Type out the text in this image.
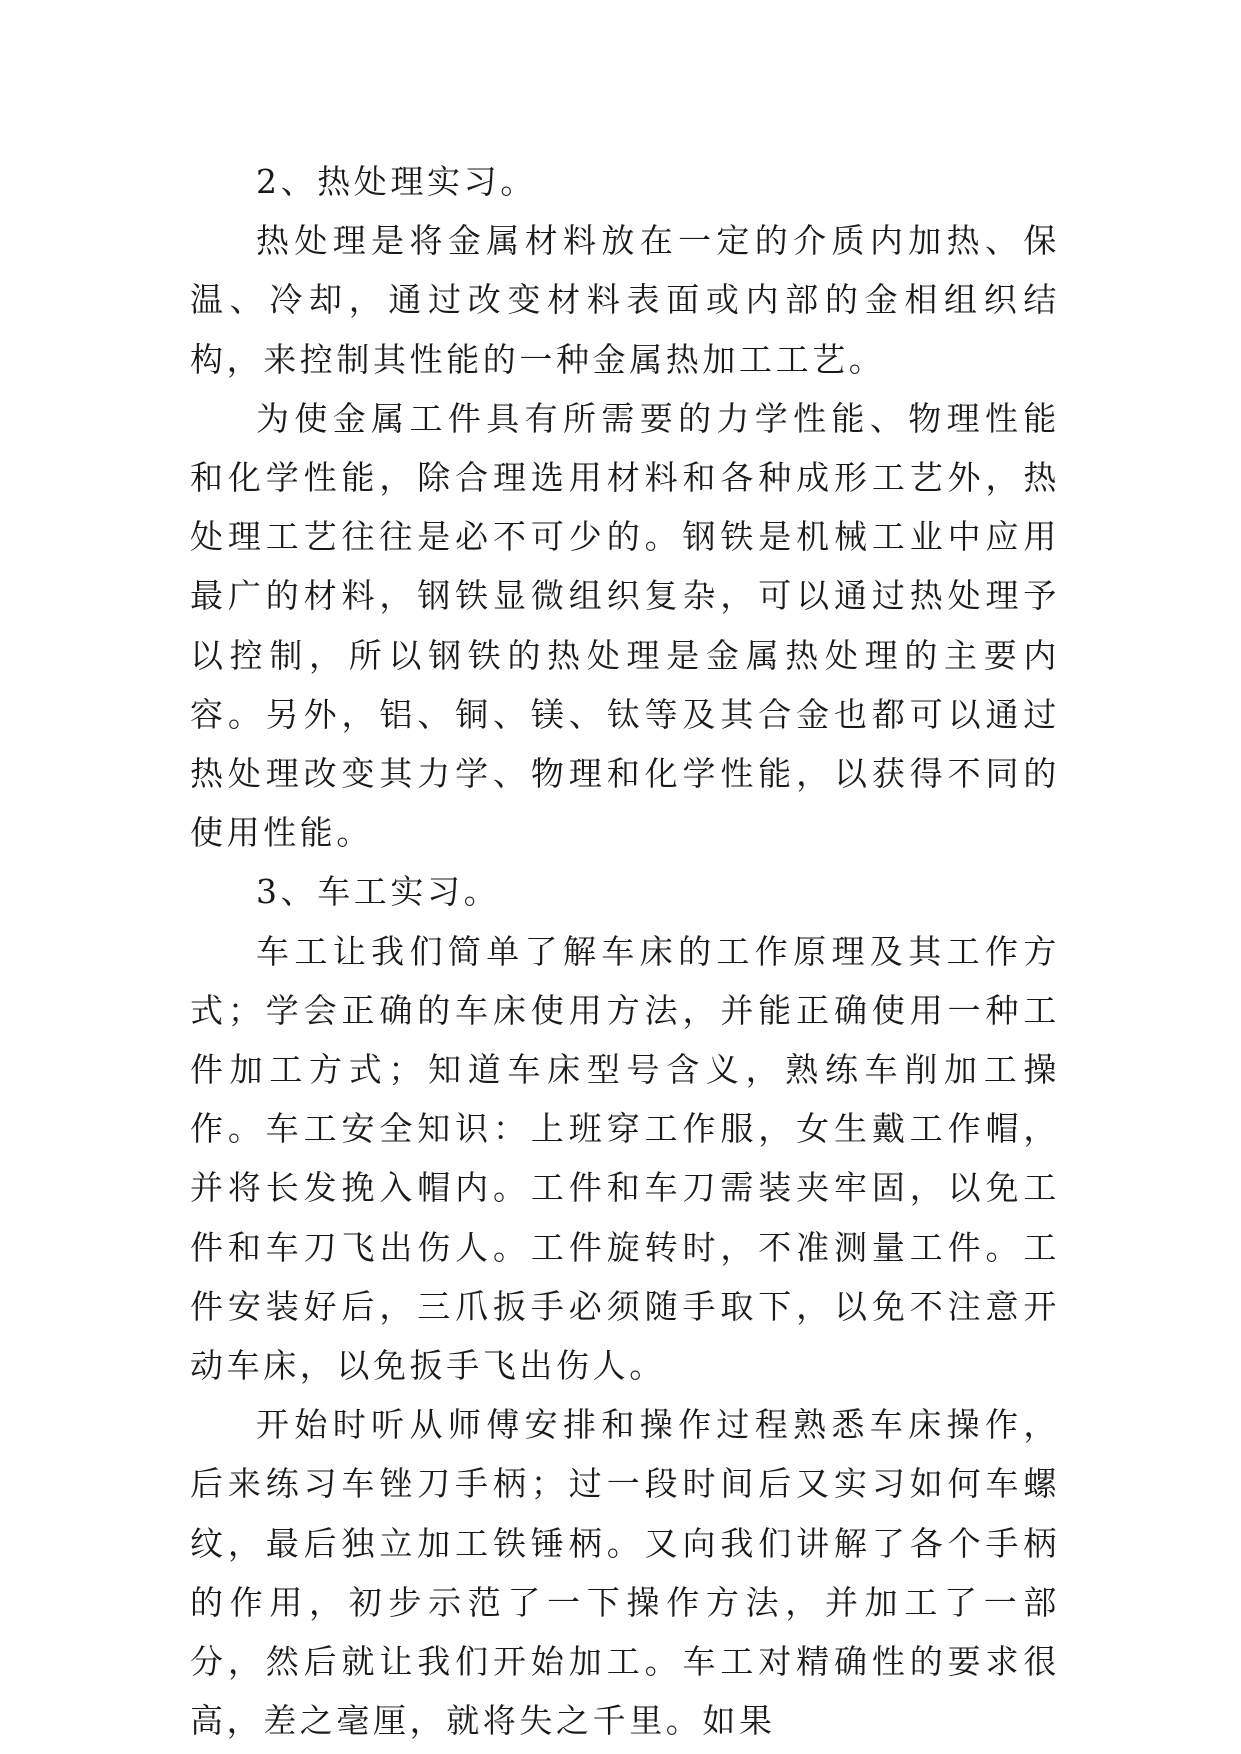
2、热处理实习。

热处理是将金属材料放在一定的介质内加热、保温、冷却，通过改变材料表面或内部的金相组织结构，来控制其性能的一种金属热加工工艺。

为使金属工件具有所需要的力学性能、物理性能和化学性能，除合理选用材料和各种成形工艺外，热处理工艺往往是必不可少的。钢铁是机械工业中应用最广的材料，钢铁显微组织复杂，可以通过热处理予以控制，所以钢铁的热处理是金属热处理的主要内容。另外，铝、铜、镁、钛等及其合金也都可以通过热处理改变其力学、物理和化学性能，以获得不同的使用性能。

3、车工实习。

车工让我们简单了解车床的工作原理及其工作方式；学会正确的车床使用方法，并能正确使用一种工件加工方式；知道车床型号含义，熟练车削加工操作。车工安全知识：上班穿工作服，女生戴工作帽，并将长发挽入帽内。工件和车刀需装夹牢固，以免工件和车刀飞出伤人。工件旋转时，不准测量工件。工件安装好后，三爪扳手必须随手取下，以免不注意开动车床，以免扳手飞出伤人。

开始时听从师傅安排和操作过程熟悉车床操作，后来练习车锉刀手柄；过一段时间后又实习如何车螺纹，最后独立加工铁锤柄。又向我们讲解了各个手柄的作用，初步示范了一下操作方法，并加工了一部分，然后就让我们开始加工。车工对精确性的要求很高，差之毫厘，就将失之千里。如果
